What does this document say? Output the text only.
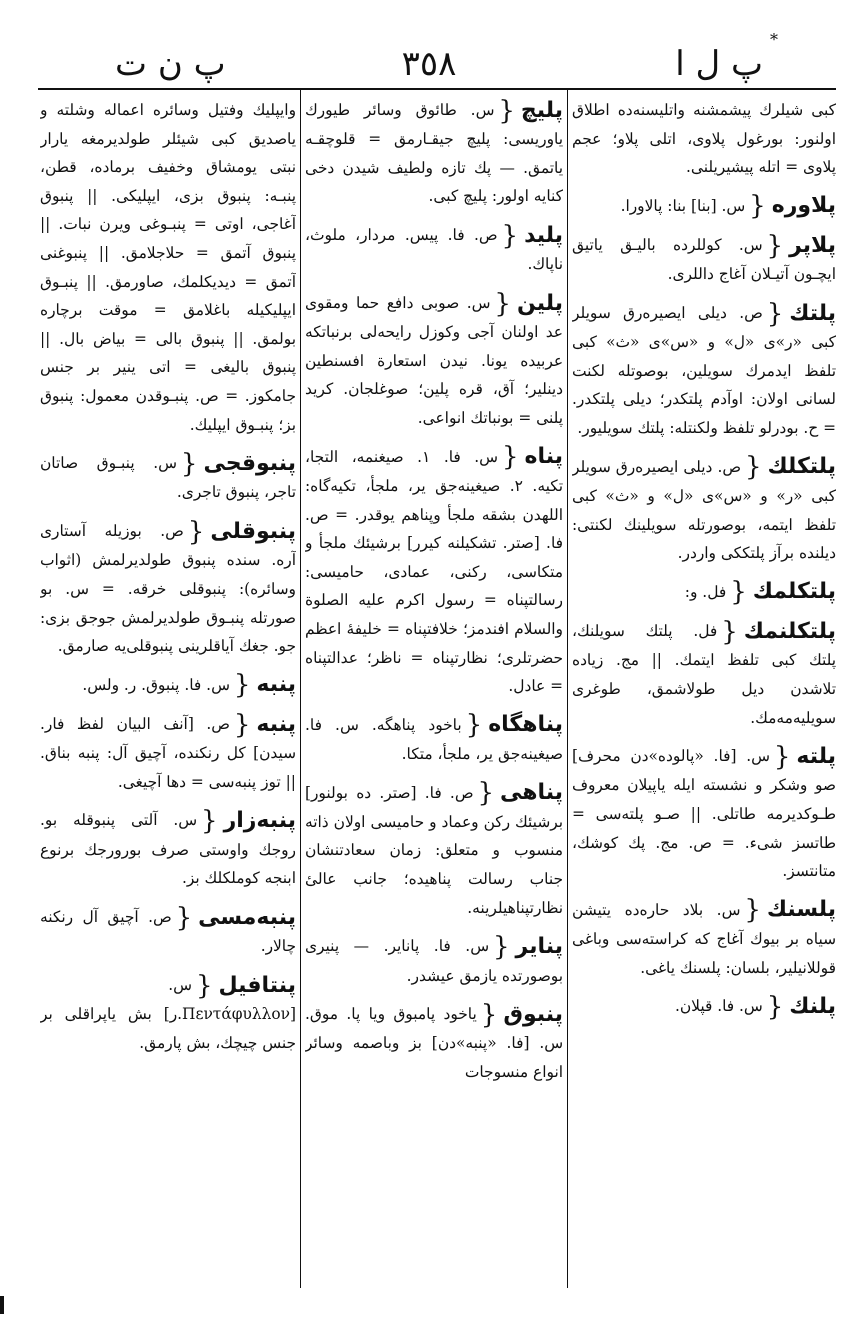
پ ل ا
٣٥٨
پ ن ت
*
كبی شیلرك پیشمشنه واتلیسنه‌ده اطلاق اولنور: بورغول پلاوی، اتلی پلاو؛ عجم پلاوی = اتله پیشیریلنی.
پلاوره{س. [بنا] بنا: پالاورا.
پلاپر{س. كوللرده بالیـق یاتیق ایچـون آتیـلان آغاج داللری.
پلتك{ص. دیلی ایصیره‌رق سویلر كبی «ر»ی «ل» و «س»ی «ث» كبی تلفظ ایدمرك سویلین، بوصوتله لكنت لسانی اولان: اوآدم پلتكدر؛ دیلی پلتكدر. = ح. بودرلو تلفظ ولكنتله: پلتك سویلیور.
پلتكلك{ص. دیلی ایصیره‌رق سویلر كبی «ر» و «س»ی «ل» و «ث» كبی تلفظ ایتمه، بوصورتله سویلینك لكنتی: دیلنده برآز پلتككی واردر.
پلتكلمك{فل. و:
پلتكلنمك{فل. پلتك سویلنك، پلتك كبی تلفظ ایتمك. || مج. زیاده تلاشدن دیل طولاشمق، طوغری سویلیه‌مه‌مك.
پلته{س. [فا. «پالوده»دن محرف] صو وشكر و نشسته ایله یاپیلان معروف طـوكدیرمه طاتلی. || صـو پلته‌سی = طاتسز شیء. = ص. مج. پك كوشك، متانتسز.
پلسنك{س. بلاد حاره‌ده یتیشن سیاه بر بیوك آغاج كه كراسته‌سی وباغی قوللانیلیر، بلسان: پلسنك یاغی.
پلنك{س. فا. قپلان.
پلیچ{س. طائوق وسائر طیورك یاوریسی: پلیچ جیقـارمق = قلوچقـه یاتمق. — پك تازه ولطیف شیدن دخی كنایه اولور: پلیچ كبی.
پلید{ص. فا. پیس. مردار، ملوث، ناپاك.
پلین{س. صوبی دافع حما ومقوی عد اولنان آجی وكوزل رایحه‌لی برنباتكه عربیده یونا. نیدن استعارة افسنطین دینلیر؛ آق، قره پلین؛ صوغلجان. كرید پلنی = بونباتك انواعی.
پناه{س. فا. ١. صیغنمه، التجا، تكیه. ٢. صیغینه‌جق یر، ملجأ، تكیه‌گاه: اللهدن بشقه ملجأ وپناهم یوقدر. = ص. فا. [صتر. تشكیلنه كیرر] برشیئك ملجأ و متكاسی، ركنی، عمادی، حامیسی: رسالتپناه = رسول اكرم علیه الصلوة والسلام افندمز؛ خلافتپناه = خلیفهٔ اعظم حضرتلری؛ نظارتپناه = ناظر؛ عدالتپناه = عادل.
پناهگاه{باخود پناهگه. س. فا. صیغینه‌جق یر، ملجأ، متكا.
پناهی{ص. فا. [صتر. ده بولنور] برشیئك ركن وعماد و حامیسی اولان ذاته منسوب و متعلق: زمان سعادتنشان جناب رسالت پناهیده؛ جانب عالیٔ نظارتپناهیلرینه.
پنایر{س. فا. پانایر. — پنیری بوصورتده یازمق عیشدر.
پنبوق{یاخود پامبوق ویا پا. موق. س. [فا. «پنبه»دن] بز وباصمه وسائر انواع منسوجات
وایپلیك وفتیل وسائره اعماله وشلته و یاصدیق كبی شیئلر طولدیرمغه یارار نبتی یومشاق وخفیف برماده، قطن، پنبـه: پنبوق بزی، ایپلیكی. || پنبوق آغاجی، اوتی = پنبـوغی ویرن نبات. || پنبوق آتمق = حلاجلامق. || پنبوغنی آتمق = دیدیكلمك، صاورمق. || پنبـوق ایپلیكیله باغلامق = موقت برچاره بولمق. || پنبوق بالی = بیاض بال. || پنبوق بالیغی = اتی ینیر بر جنس جامكوز. = ص. پنبـوقدن معمول: پنبوق بز؛ پنبـوق ایپلیك.
پنبوقجی{س. پنبـوق صاتان تاجر، پنبوق تاجری.
پنبوقلی{ص. بوزیله آستاری آره. سنده پنبوق طولدیرلمش (اثواب وسائره): پنبوقلی خرقه. = س. بو صورتله پنبـوق طولدیرلمش جوجق بزی: جو. جغك آیاقلرینی پنبوقلی‌یه صارمق.
پنبه{س. فا. پنبوق. ر. ولس.
پنبه{ص. [آنف البیان لفظ فار. سیدن] كل رنكنده، آچیق آل: پنبه بناق. || توز پنبه‌سی = دها آچیغی.
پنبه‌زار{س. آلتی پنبوقله بو. روجك واوستی صرف بورورجك برنوع ابنجه كوملكلك بز.
پنبه‌مسی{ص. آچیق آل رنكنه چالار.
پنتافیل{س. ‎[Πεντάφυλλον.ر‎] بش یاپراقلی بر جنس چیچك، بش پارمق.
